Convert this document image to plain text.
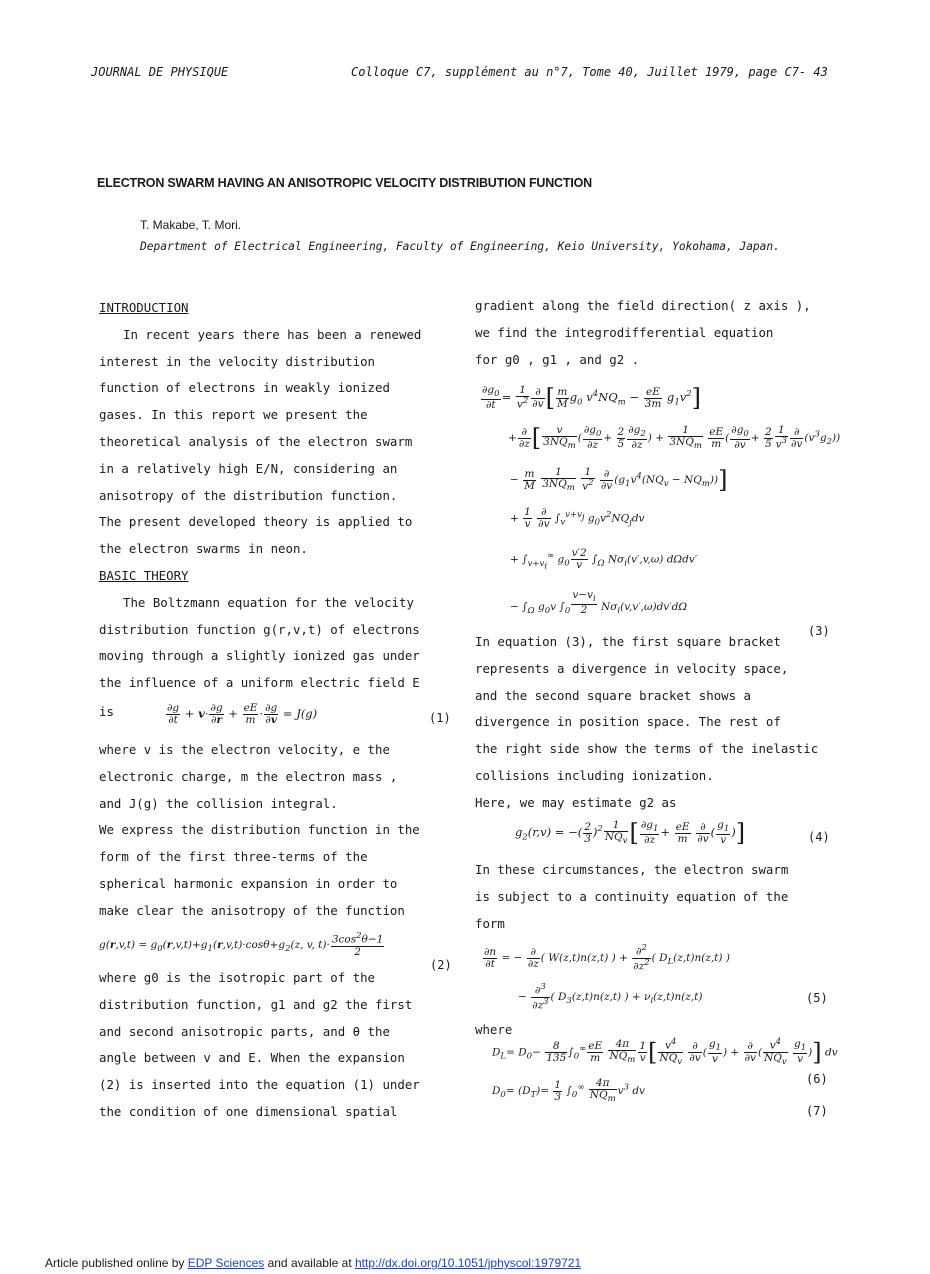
JOURNAL DE PHYSIQUE	Colloque C7, supplément au n°7, Tome 40, Juillet 1979, page C7- 43
ELECTRON SWARM HAVING AN ANISOTROPIC VELOCITY DISTRIBUTION FUNCTION
T. Makabe, T. Mori.
Department of Electrical Engineering, Faculty of Engineering, Keio University, Yokohama, Japan.

INTRODUCTION

In recent years there has been a renewed

interest in the velocity distribution

function of electrons in weakly ionized

gases. In this report we present the

theoretical analysis of the electron swarm

in a relatively high E/N, considering an

anisotropy of the distribution function.

The present developed theory is applied to

the electron swarms in neon.

BASIC THEORY

The Boltzmann equation for the velocity

distribution function g(r,v,t) of electrons

moving through a slightly ionized gas under

the influence of a uniform electric field E

is

where v is the electron velocity, e the

electronic charge, m the electron mass ,

and J(g) the collision integral.

We express the distribution function in the

form of the first three-terms of the

spherical harmonic expansion in order to

make clear the anisotropy of the function

$\frac{\partial g}{\partial t} + v\cdot \frac{\partial g}{\partial r} + \frac{eE}{m} \cdot \frac{\partial g}{\partial v} = J(g)$	(1)
$g(r,v,t) = g_0(r,v,t)+g_1(r,v,t)\cdot\cos\theta+g_2(z$, v, $t)\cdot \frac{3\cos^2\theta-1}{2}$
(2)

where g0 is the isotropic part of the

distribution function, g1 and g2 the first

and second anisotropic parts, and θ the

angle between v and E. When the expansion

(2) is inserted into the equation (1) under

the condition of one dimensional spatial

gradient along the field direction( z axis ),

we find the integrodifferential equation

for g0 , g1 , and g2 .

$\frac{\partial g_0}{\partial t} = \frac{1}{v^2} \frac{\partial}{\partial v}$ [ $\frac{m}{M} g_0$ $v^4NQ_m - \frac{eE}{3m} g_1v^2$]
+ $\frac{\partial}{\partial z}$ [ $\frac{v}{3NQ_m}$ ( $\frac{\partial g_0}{\partial z} + \frac{2}{5} \frac{\partial g_2}{\partial z}$ ) + $\frac{1}{3NQ_m}$
$\frac{eE}{m}$ ( $\frac{\partial g_0}{\partial v} + \frac{2}{5} \frac{1}{v^3} \frac{\partial}{\partial v} (v^3g_2)$)
− $\frac{m}{M}$
$\frac{1}{3NQ_m}$
$\frac{1}{v^2}$
$\frac{\partial}{\partial v} (g_1v^4(NQ_v - NQ_m))$]
+ $\frac{1}{v}$
$\frac{\partial}{\partial v} \int_v^{v+v_j}$ $g_0v^2NQ_jdv$
+ $\int_{v+v_i}^\infty$ $g_0 \frac{v'2}{v} \int_\Omega$ $N\sigma_i(v',v,\omega)$ dΩdv′
− $\int_\Omega$ $g_0v$ $\int_0$ $^{\frac{v-v_i}{2}}$ $N\sigma_i(v,v',\omega)dv'd\Omega$
(3)

In equation (3), the first square bracket

represents a divergence in velocity space,

and the second square bracket shows a

divergence in position space. The rest of

the right side show the terms of the inelastic

collisions including ionization.

Here, we may estimate g2 as

$g_2(r,v)$ = −( $\frac{2}{3} )^2 \frac{1}{NQ_v}$ [ $\frac{\partial g_1}{\partial z} + \frac{eE}{m}$
$\frac{\partial}{\partial v}$ ( $\frac{g_1}{v}$ )]	(4)

In these circumstances, the electron swarm

is subject to a continuity equation of the

form

$\frac{\partial n}{\partial t}$ = − $\frac{\partial}{\partial z}$ ( W(z,t)n(z,t) ) + $\frac{\partial^2}{\partial z^2}$ ( $D_L(z,t)n(z,t)$ )
− $\frac{\partial^3}{\partial z^3}$ ( $D_3(z,t)n(z,t)$ ) + $\nu_i(z,t)n(z,t)$	(5)
where
$D_L= D_0- \frac{8}{135} \int_0^\infty \frac{eE}{m}$
$\frac{4\pi}{NQ_m} \frac{1}{v}$ [ $\frac{v^4}{NQ_v}$
$\frac{\partial}{\partial v}$ ( $\frac{g_1}{v}$ ) + $\frac{\partial}{\partial v}$ ( $\frac{v^4}{NQ_v}$
$\frac{g_1}{v}$ )] dv
(6)
$D_0= (D_T)= \frac{1}{3} \int_0^\infty \frac{4\pi}{NQ_m} v^3$ dv
(7)
Article published online by EDP Sciences and available at http://dx.doi.org/10.1051/jphyscol:1979721
